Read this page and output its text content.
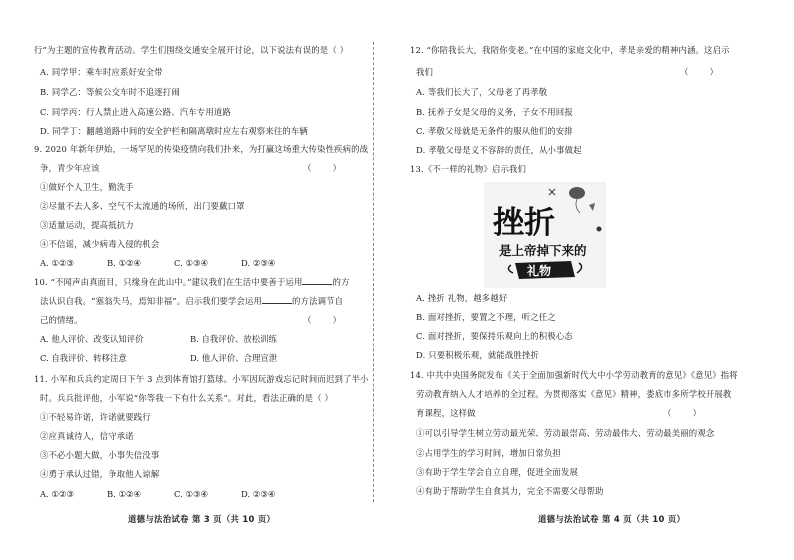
行”为主题的宣传教育活动。学生们围绕交通安全展开讨论，以下说法有误的是（ ）
A. 同学甲：乘车时应系好安全带
B. 同学乙：等候公交车时不追逐打闹
C. 同学丙：行人禁止进入高速公路、汽车专用道路
D. 同学丁：翻越道路中间的安全护栏和隔离墩时应左右观察来往的车辆
9. 2020 年新年伊始，一场罕见的传染疫情向我们扑来，为打赢这场重大传染性疾病的战
争，青少年应该	（        ）
①做好个人卫生，勤洗手
②尽量不去人多、空气不太流通的场所，出门要戴口罩
③适量运动，提高抵抗力
④不信谣，减少病毒入侵的机会
A. ①②③	B. ①②④	C. ①③④	D. ②③④
10. “不闻声由真面目，只缘身在此山中。”建议我们在生活中要善于运用	的方
法认识自我。“塞翁失马，焉知非福”。启示我们要学会运用	的方法调节自
己的情绪。	（        ）
A. 他人评价、改变认知评价	B. 自我评价、放松训练
C. 自我评价、转移注意	D. 他人评价、合理宣泄
11. 小军和兵兵约定周日下午 3 点到体育馆打篮球。小军因玩游戏忘记时间而迟到了半小
时。兵兵批评他，小军说“你等我一下有什么关系”。对此，看法正确的是（ ）
①不轻易许诺，许诺就要践行
②应真诚待人，信守承诺
③不必小题大做，小事失信没事
④勇于承认过错，争取他人谅解
A. ①②③	B. ①②④	C. ①③④	D. ②③④
道德与法治试卷 第 3 页（共 10 页）
12. “你陪我长大，我陪你变老。”在中国的家庭文化中，孝是亲爱的精神内涵。这启示
我们	（        ）
A. 等我们长大了，父母老了再孝敬
B. 抚养子女是父母的义务，子女不用回报
C. 孝敬父母就是无条件的服从他们的安排
D. 孝敬父母是义不容辞的责任，从小事做起
13.《不一样的礼物》启示我们
A. 挫折 礼物，越多越好
B. 面对挫折，要置之不理，听之任之
C. 面对挫折，要保持乐观向上的积极心态
D. 只要积极乐观，就能战胜挫折
14. 中共中央国务院发布《关于全面加强新时代大中小学劳动教育的意见》《意见》指将
劳动教育纳入人才培养的全过程。为贯彻落实《意见》精神，娄底市多所学校开展教
育课程，这样做	（        ）
①可以引导学生树立劳动最光荣、劳动最崇高、劳动最伟大、劳动最美丽的观念
②占用学生的学习时间，增加日常负担
③有助于学生学会自立自理，促进全面发展
④有助于帮助学生自食其力，完全不需要父母帮助
道德与法治试卷 第 4 页（共 10 页）
挫折
是上帝掉下来的
礼物
